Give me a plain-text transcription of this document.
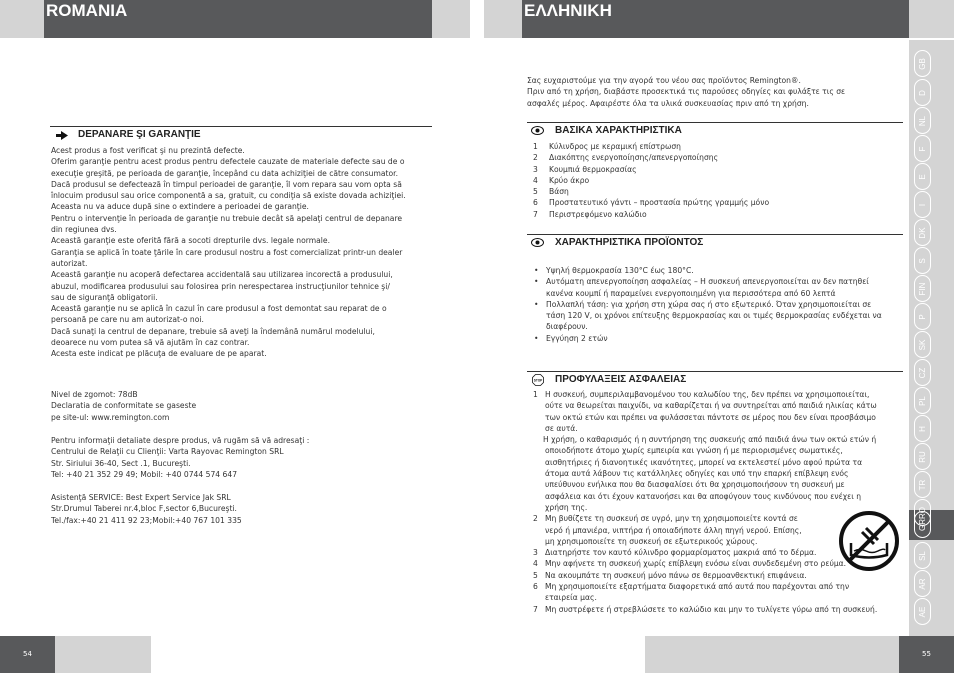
ROMANIA	ΕΛΛΗΝΙΚΗ
DEPANARE ŞI GARANŢIE

Acest produs a fost verificat şi nu prezintă defecte.

Oferim garanţie pentru acest produs pentru defectele cauzate de materiale defecte sau de o

execuţie greşită, pe perioada de garanţie, începând cu data achiziţiei de către consumator.

Dacă produsul se defectează în timpul perioadei de garanţie, îl vom repara sau vom opta să

înlocuim produsul sau orice componentă a sa, gratuit, cu condiţia să existe dovada achiziţiei.

Aceasta nu va aduce după sine o extindere a perioadei de garanţie.

Pentru o intervenţie în perioada de garanţie nu trebuie decât să apelaţi centrul de depanare

din regiunea dvs.

Această garanţie este oferită fără a socoti drepturile dvs. legale normale.

Garanţia se aplică în toate ţările în care produsul nostru a fost comercializat printr-un dealer

autorizat.

Această garanţie nu acoperă defectarea accidentală sau utilizarea incorectă a produsului,

abuzul, modificarea produsului sau folosirea prin nerespectarea instrucţiunilor tehnice şi/

sau de siguranţă obligatorii.

Această garanţie nu se aplică în cazul în care produsul a fost demontat sau reparat de o

persoană pe care nu am autorizat-o noi.

Dacă sunaţi la centrul de depanare, trebuie să aveţi la îndemână numărul modelului,

deoarece nu vom putea să vă ajutăm în caz contrar.

Acesta este indicat pe plăcuţa de evaluare de pe aparat.

Nivel de zgomot: 78dB

Declaratia de conformitate se gaseste

pe site-ul: www.remington.com

Pentru informaţii detaliate despre produs, vă rugăm să vă adresaţi :

Centrului de Relaţii cu Clienţii: Varta Rayovac Remington SRL

Str. Siriului 36-40, Sect .1, Bucureşti.

Tel: +40 21 352 29 49; Mobil: +40 0744 574 647

Asistenţă SERVICE: Best Expert Service Jak SRL

Str.Drumul Taberei nr.4,bloc F,sector 6,Bucureşti.

Tel./fax:+40 21 411 92 23;Mobil:+40 767 101 335

54

Σας ευχαριστούμε για την αγορά του νέου σας προϊόντος Remington®.

Πριν από τη χρήση, διαβάστε προσεκτικά τις παρούσες οδηγίες και φυλάξτε τις σε

ασφαλές μέρος. Αφαιρέστε όλα τα υλικά συσκευασίας πριν από τη χρήση.

ΒΑΣΙΚΑ ΧΑΡΑΚΤΗΡΙΣΤΙΚΑ
1	Κύλινδρος με κεραμική επίστρωση
2	Διακόπτης ενεργοποίησης/απενεργοποίησης
3	Κουμπιά θερμοκρασίας
4	Κρύο άκρο
5	Βάση
6	Προστατευτικό γάντι – προστασία πρώτης γραμμής μόνο
7	Περιστρεφόμενο καλώδιο
ΧΑΡΑΚΤΗΡΙΣΤΙΚΑ ΠΡΟΪΟΝΤΟΣ
• Υψηλή θερμοκρασία 130°C έως 180°C.

• Αυτόματη απενεργοποίηση ασφαλείας – Η συσκευή απενεργοποιείται αν δεν πατηθεί

κανένα κουμπί ή παραμείνει ενεργοποιημένη για περισσότερα από 60 λεπτά

• Πολλαπλή τάση: για χρήση στη χώρα σας ή στο εξωτερικό. Όταν χρησιμοποιείται σε

τάση 120 V, οι χρόνοι επίτευξης θερμοκρασίας και οι τιμές θερμοκρασίας ενδέχεται να

διαφέρουν.

• Εγγύηση 2 ετών

STOP ΠΡΟΦΥΛΑΞΕΙΣ ΑΣΦΑΛΕΙΑΣ
1 Η συσκευή, συμπεριλαμβανομένου του καλωδίου της, δεν πρέπει να χρησιμοποιείται,

ούτε να θεωρείται παιχνίδι, να καθαρίζεται ή να συντηρείται από παιδιά ηλικίας κάτω

των οκτώ ετών και πρέπει να φυλάσσεται πάντοτε σε μέρος που δεν είναι προσβάσιμο

σε αυτά.

Η χρήση, ο καθαρισμός ή η συντήρηση της συσκευής από παιδιά άνω των οκτώ ετών ή

οποιοδήποτε άτομο χωρίς εμπειρία και γνώση ή με περιορισμένες σωματικές,

αισθητήριες ή διανοητικές ικανότητες, μπορεί να εκτελεστεί μόνο αφού πρώτα τα

άτομα αυτά λάβουν τις κατάλληλες οδηγίες και υπό την επαρκή επίβλεψη ενός

υπεύθυνου ενήλικα που θα διασφαλίσει ότι θα χρησιμοποιήσουν τη συσκευή με

ασφάλεια και ότι έχουν κατανοήσει και θα αποφύγουν τους κινδύνους που ενέχει η

χρήση της.

2 Μη βυθίζετε τη συσκευή σε υγρό, μην τη χρησιμοποιείτε κοντά σε

νερό ή μπανιέρα, νιπτήρα ή οποιαδήποτε άλλη πηγή νερού. Επίσης,

μη χρησιμοποιείτε τη συσκευή σε εξωτερικούς χώρους.

3 Διατηρήστε τον καυτό κύλινδρο φορμαρίσματος μακριά από το δέρμα.

4 Μην αφήνετε τη συσκευή χωρίς επίβλεψη ενόσω είναι συνδεδεμένη στο ρεύμα.

5 Να ακουμπάτε τη συσκευή μόνο πάνω σε θερμοανθεκτική επιφάνεια.

6 Μη χρησιμοποιείτε εξαρτήματα διαφορετικά από αυτά που παρέχονται από την

εταιρεία μας.

7 Μη συστρέφετε ή στρεβλώσετε το καλώδιο και μην το τυλίγετε γύρω από τη συσκευή.

55
GB
D
NL
F
E
I
DK
S
FIN
P
SK
CZ
PL
H
RU
TR
RO
GR
SL
AR
AE
